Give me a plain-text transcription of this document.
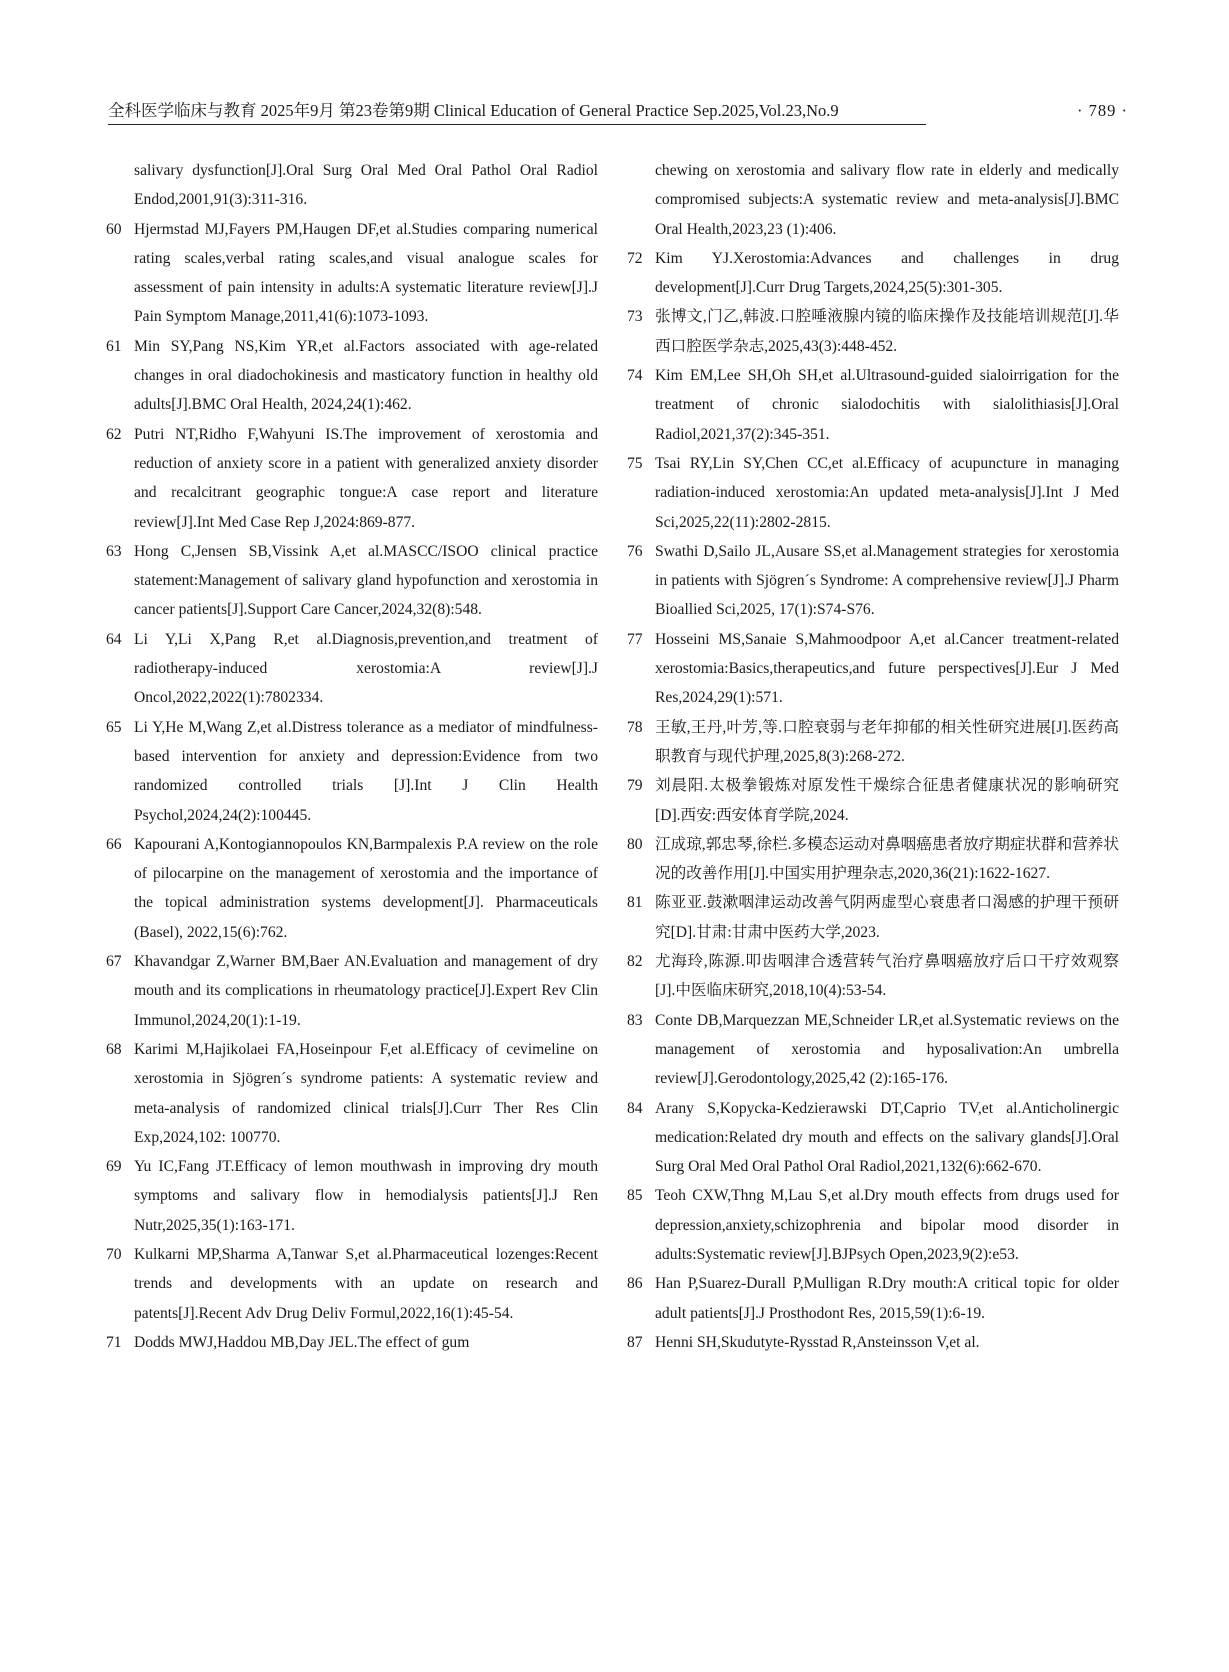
全科医学临床与教育 2025年9月 第23卷第9期 Clinical Education of General Practice Sep.2025,Vol.23,No.9	· 789 ·
salivary dysfunction[J].Oral Surg Oral Med Oral Pathol Oral Radiol Endod,2001,91(3):311-316.
60 Hjermstad MJ,Fayers PM,Haugen DF,et al.Studies comparing numerical rating scales,verbal rating scales,and visual analogue scales for assessment of pain intensity in adults:A systematic literature review[J].J Pain Symptom Manage,2011,41(6):1073-1093.
61 Min SY,Pang NS,Kim YR,et al.Factors associated with age-related changes in oral diadochokinesis and masticatory function in healthy old adults[J].BMC Oral Health, 2024,24(1):462.
62 Putri NT,Ridho F,Wahyuni IS.The improvement of xerostomia and reduction of anxiety score in a patient with generalized anxiety disorder and recalcitrant geographic tongue:A case report and literature review[J].Int Med Case Rep J,2024:869-877.
63 Hong C,Jensen SB,Vissink A,et al.MASCC/ISOO clinical practice statement:Management of salivary gland hypofunction and xerostomia in cancer patients[J].Support Care Cancer,2024,32(8):548.
64 Li Y,Li X,Pang R,et al.Diagnosis,prevention,and treatment of radiotherapy-induced xerostomia:A review[J].J Oncol,2022,2022(1):7802334.
65 Li Y,He M,Wang Z,et al.Distress tolerance as a mediator of mindfulness-based intervention for anxiety and depression:Evidence from two randomized controlled trials [J].Int J Clin Health Psychol,2024,24(2):100445.
66 Kapourani A,Kontogiannopoulos KN,Barmpalexis P.A review on the role of pilocarpine on the management of xerostomia and the importance of the topical administration systems development[J]. Pharmaceuticals (Basel), 2022,15(6):762.
67 Khavandgar Z,Warner BM,Baer AN.Evaluation and management of dry mouth and its complications in rheumatology practice[J].Expert Rev Clin Immunol,2024,20(1):1-19.
68 Karimi M,Hajikolaei FA,Hoseinpour F,et al.Efficacy of cevimeline on xerostomia in Sjögren´s syndrome patients: A systematic review and meta-analysis of randomized clinical trials[J].Curr Ther Res Clin Exp,2024,102: 100770.
69 Yu IC,Fang JT.Efficacy of lemon mouthwash in improving dry mouth symptoms and salivary flow in hemodialysis patients[J].J Ren Nutr,2025,35(1):163-171.
70 Kulkarni MP,Sharma A,Tanwar S,et al.Pharmaceutical lozenges:Recent trends and developments with an update on research and patents[J].Recent Adv Drug Deliv Formul,2022,16(1):45-54.
71 Dodds MWJ,Haddou MB,Day JEL.The effect of gum
chewing on xerostomia and salivary flow rate in elderly and medically compromised subjects:A systematic review and meta-analysis[J].BMC Oral Health,2023,23 (1):406.
72 Kim YJ.Xerostomia:Advances and challenges in drug development[J].Curr Drug Targets,2024,25(5):301-305.
73 张博文,门乙,韩波.口腔唾液腺内镜的临床操作及技能培训规范[J].华西口腔医学杂志,2025,43(3):448-452.
74 Kim EM,Lee SH,Oh SH,et al.Ultrasound-guided sialoirrigation for the treatment of chronic sialodochitis with sialolithiasis[J].Oral Radiol,2021,37(2):345-351.
75 Tsai RY,Lin SY,Chen CC,et al.Efficacy of acupuncture in managing radiation-induced xerostomia:An updated meta-analysis[J].Int J Med Sci,2025,22(11):2802-2815.
76 Swathi D,Sailo JL,Ausare SS,et al.Management strategies for xerostomia in patients with Sjögren´s Syndrome: A comprehensive review[J].J Pharm Bioallied Sci,2025, 17(1):S74-S76.
77 Hosseini MS,Sanaie S,Mahmoodpoor A,et al.Cancer treatment-related xerostomia:Basics,therapeutics,and future perspectives[J].Eur J Med Res,2024,29(1):571.
78 王敏,王丹,叶芳,等.口腔衰弱与老年抑郁的相关性研究进展[J].医药高职教育与现代护理,2025,8(3):268-272.
79 刘晨阳.太极拳锻炼对原发性干燥综合征患者健康状况的影响研究[D].西安:西安体育学院,2024.
80 江成琼,郭忠琴,徐栏.多模态运动对鼻咽癌患者放疗期症状群和营养状况的改善作用[J].中国实用护理杂志,2020,36(21):1622-1627.
81 陈亚亚.鼓漱咽津运动改善气阴两虚型心衰患者口渴感的护理干预研究[D].甘肃:甘肃中医药大学,2023.
82 尤海玲,陈源.叩齿咽津合透营转气治疗鼻咽癌放疗后口干疗效观察[J].中医临床研究,2018,10(4):53-54.
83 Conte DB,Marquezzan ME,Schneider LR,et al.Systematic reviews on the management of xerostomia and hyposalivation:An umbrella review[J].Gerodontology,2025,42 (2):165-176.
84 Arany S,Kopycka-Kedzierawski DT,Caprio TV,et al.Anticholinergic medication:Related dry mouth and effects on the salivary glands[J].Oral Surg Oral Med Oral Pathol Oral Radiol,2021,132(6):662-670.
85 Teoh CXW,Thng M,Lau S,et al.Dry mouth effects from drugs used for depression,anxiety,schizophrenia and bipolar mood disorder in adults:Systematic review[J].BJPsych Open,2023,9(2):e53.
86 Han P,Suarez-Durall P,Mulligan R.Dry mouth:A critical topic for older adult patients[J].J Prosthodont Res, 2015,59(1):6-19.
87 Henni SH,Skudutyte-Rysstad R,Ansteinsson V,et al.
